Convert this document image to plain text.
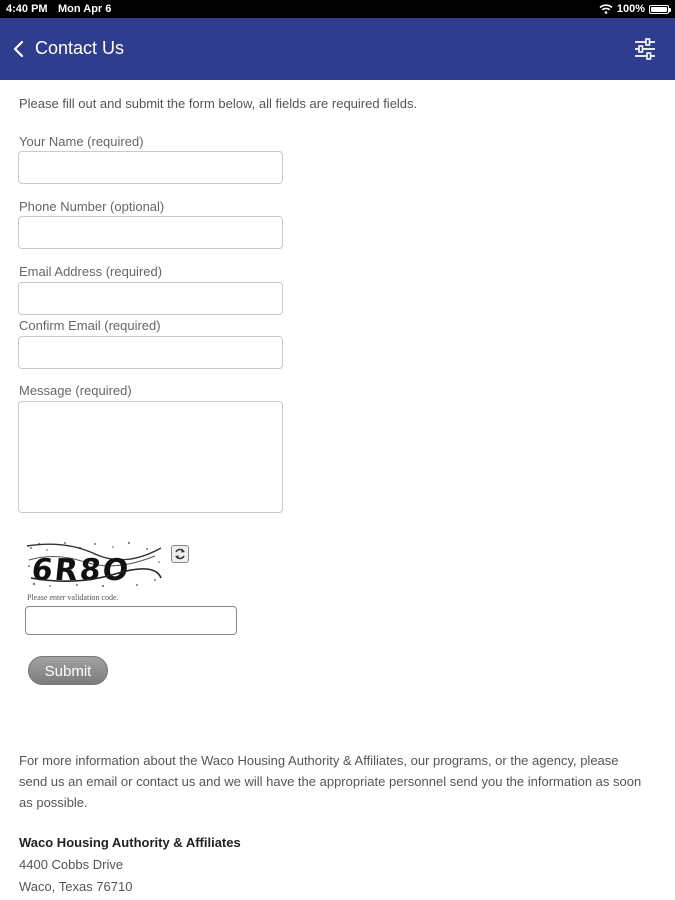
4:40 PM Mon Apr 6	100%
Contact Us
Please fill out and submit the form below, all fields are required fields.
Your Name (required)
Phone Number (optional)
Email Address (required)
Confirm Email (required)
Message (required)
6R8O
Please enter validation code.
Submit
For more information about the Waco Housing Authority & Affiliates, our programs, or the agency, please send us an email or contact us and we will have the appropriate personnel send you the information as soon as possible.
Waco Housing Authority & Affiliates
4400 Cobbs Drive
Waco, Texas 76710
